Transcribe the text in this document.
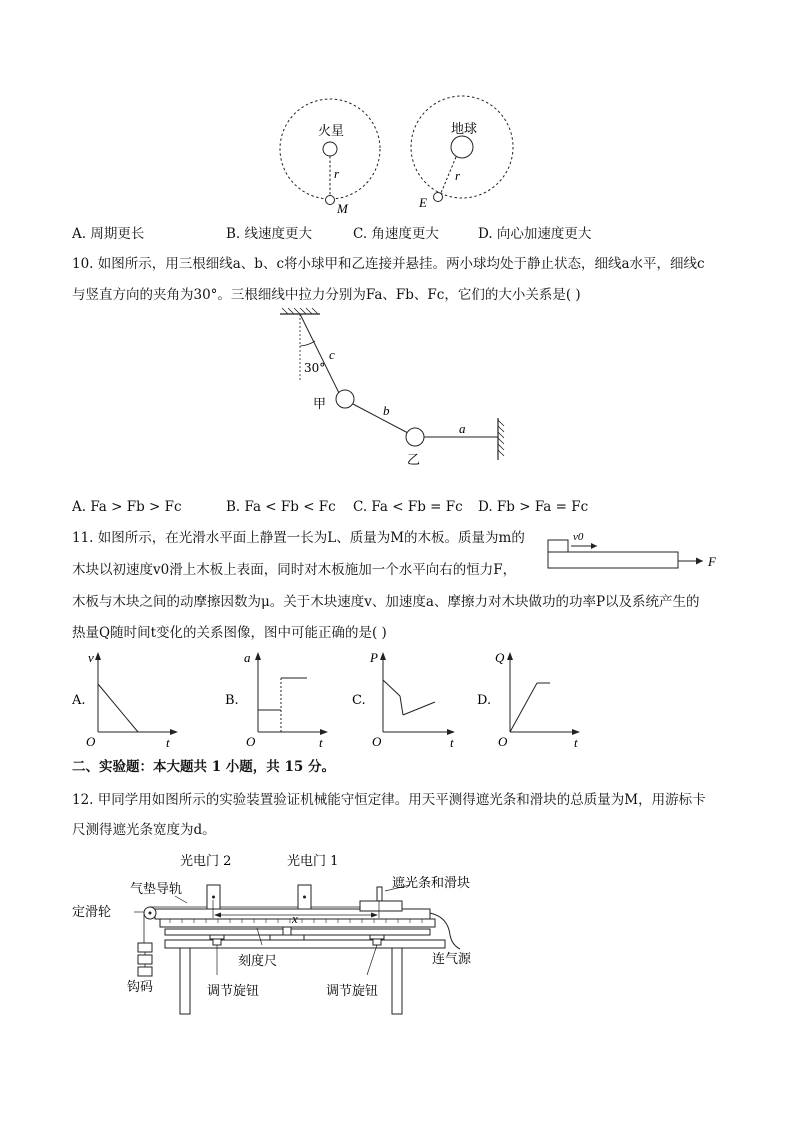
火星
r
M
地球
r
E
A. 周期更长	B. 线速度更大	C. 角速度更大	D. 向心加速度更大
10. 如图所示，用三根细线a、b、c将小球甲和乙连接并悬挂。两小球均处于静止状态，细线a水平，细线c
与竖直方向的夹角为30°。三根细线中拉力分别为Fa、Fb、Fc，它们的大小关系是( )
c
30°
甲	b
a
乙
A. Fa > Fb > Fc	B. Fa < Fb < Fc C. Fa < Fb = Fc D. Fb > Fa = Fc
11. 如图所示，在光滑水平面上静置一长为L、质量为M的木板。质量为m的
木块以初速度v0滑上木板上表面，同时对木板施加一个水平向右的恒力F，
木板与木块之间的动摩擦因数为μ。关于木块速度v、加速度a、摩擦力对木块做功的功率P以及系统产生的
热量Q随时间t变化的关系图像，图中可能正确的是( )
v0
F
A.
v
O	t
B.
a
O	t
C.
P
O	t
D.
Q
O	t
二、实验题：本大题共 1 小题，共 15 分。
12. 甲同学用如图所示的实验装置验证机械能守恒定律。用天平测得遮光条和滑块的总质量为M，用游标卡
尺测得遮光条宽度为d。
光电门 2	光电门 1
遮光条和滑块
气垫导轨
定滑轮	x
刻度尺	连气源
钩码	调节旋钮	调节旋钮
